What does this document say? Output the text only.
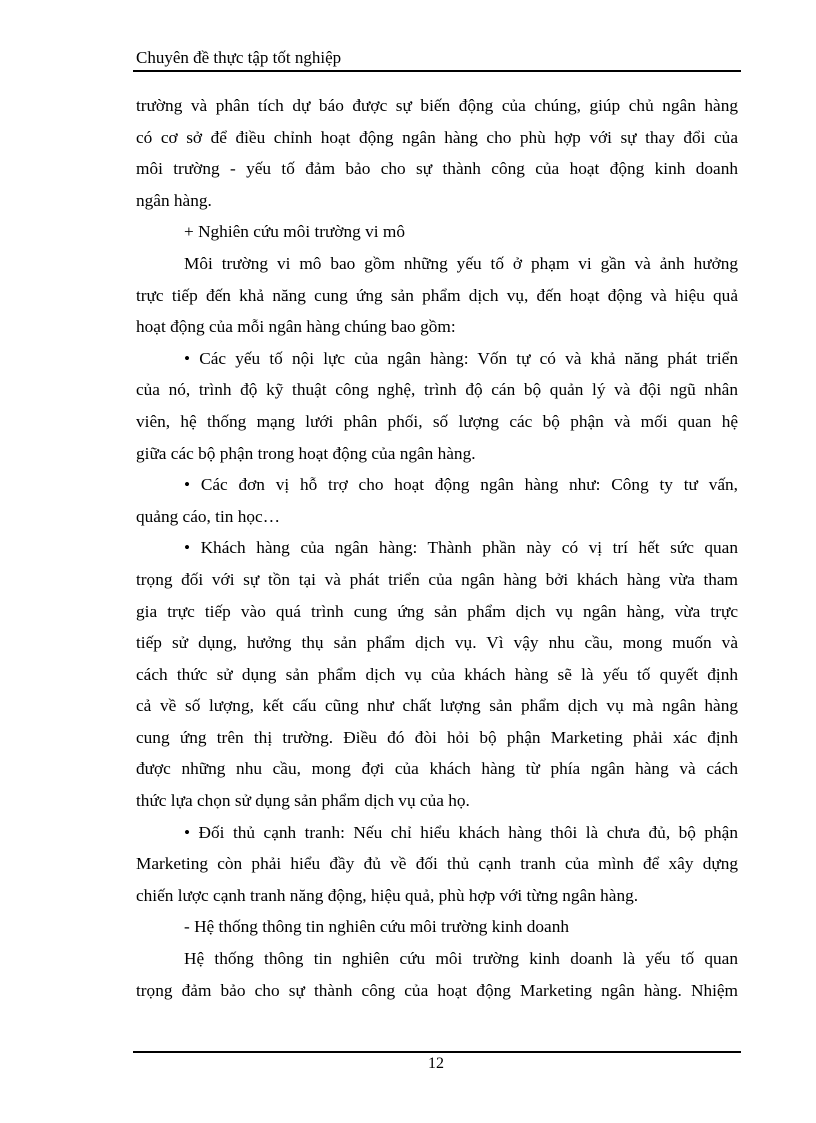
Chuyên đề thực tập tốt nghiệp
trường và phân tích dự báo được sự biến động của chúng, giúp chủ ngân hàng
có cơ sở để điều chỉnh hoạt động ngân hàng cho phù hợp với sự thay đổi của
môi trường - yếu tố đảm bảo cho sự thành công của hoạt động kinh doanh
ngân hàng.
+ Nghiên cứu môi trường vi mô
Môi trường vi mô bao gồm những yếu tố ở phạm vi gần và ảnh hưởng
trực tiếp đến khả năng cung ứng sản phẩm dịch vụ, đến hoạt động và hiệu quả
hoạt động của mỗi ngân hàng chúng bao gồm:
• Các yếu tố nội lực của ngân hàng: Vốn tự có và khả năng phát triển
của nó, trình độ kỹ thuật công nghệ, trình độ cán bộ quản lý và đội ngũ nhân
viên, hệ thống mạng lưới phân phối, số lượng các bộ phận và mối quan hệ
giữa các bộ phận trong hoạt động của ngân hàng.
• Các đơn vị hỗ trợ cho hoạt động ngân hàng như: Công ty tư vấn,
quảng cáo, tin học…
• Khách hàng của ngân hàng: Thành phần này có vị trí hết sức quan
trọng đối với sự tồn tại và phát triển của ngân hàng bởi khách hàng vừa tham
gia trực tiếp vào quá trình cung ứng sản phẩm dịch vụ ngân hàng, vừa trực
tiếp sử dụng, hưởng thụ sản phẩm dịch vụ. Vì vậy nhu cầu, mong muốn và
cách thức sử dụng sản phẩm dịch vụ của khách hàng sẽ là yếu tố quyết định
cả về số lượng, kết cấu cũng như chất lượng sản phẩm dịch vụ mà ngân hàng
cung ứng trên thị trường. Điều đó đòi hỏi bộ phận Marketing phải xác định
được những nhu cầu, mong đợi của khách hàng từ phía ngân hàng và cách
thức lựa chọn sử dụng sản phẩm dịch vụ của họ.
• Đối thủ cạnh tranh: Nếu chỉ hiểu khách hàng thôi là chưa đủ, bộ phận
Marketing còn phải hiểu đầy đủ về đối thủ cạnh tranh của mình để xây dựng
chiến lược cạnh tranh năng động, hiệu quả, phù hợp với từng ngân hàng.
- Hệ thống thông tin nghiên cứu môi trường kinh doanh
Hệ thống thông tin nghiên cứu môi trường kinh doanh là yếu tố quan
trọng đảm bảo cho sự thành công của hoạt động Marketing ngân hàng. Nhiệm
12
